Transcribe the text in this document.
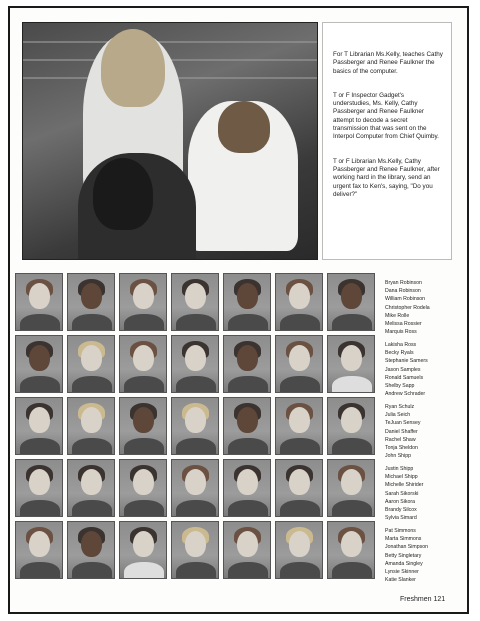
For T Librarian Ms.Kelly, teaches Cathy Passberger and Renee Faulkner the basics of the computer.

T or F Inspector Gadget's understudies, Ms. Kelly, Cathy Passberger and Renee Faulkner attempt to decode a secret transmission that was sent on the Interpol Computer from Chief Quimby.

T or F Librarian Ms.Kelly, Cathy Passberger and Renee Faulkner, after working hard in the library, send an urgent fax to Ken's, saying, "Do you deliver?"

Bryan Robinson
Dana Robinson
William Robinson
Christopher Rodela
Mike Rolle
Melissa Rossier
Marquis Ross
Lakisha Ross
Becky Ryals
Stephanie Samers
Jason Samples
Ronald Samuels
Shelby Sapp
Andrew Schrader
Ryan Schulz
Julia Seich
TeJuan Sensey
Daniel Shaffer
Rachel Shaw
Tonja Sheldon
John Shipp
Justin Shipp
Michael Shipp
Michelle Shirider
Sarah Sikorski
Aaron Sikora
Brandy Silcox
Sylvia Simard
Pat Simmons
Marta Simmons
Jonathan Simpson
Betty Singletary
Amanda Singley
Lynsie Skinner
Katie Slanker
Freshmen 121
